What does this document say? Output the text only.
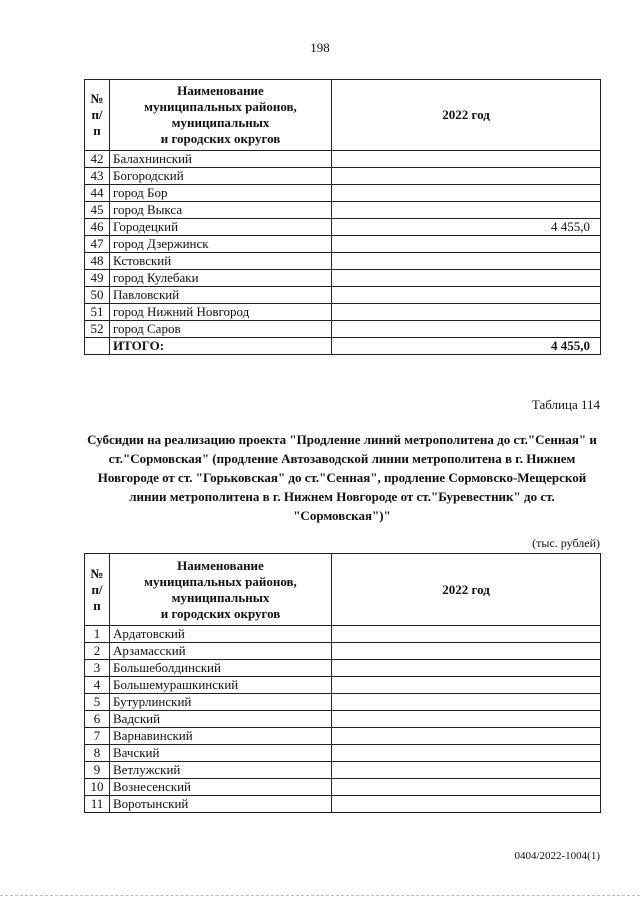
198
№
п/п	Наименование
муниципальных районов,
муниципальных
и городских округов	2022 год
42	Балахнинский	
43	Богородский	
44	город Бор	
45	город Выкса	
46	Городецкий	4 455,0
47	город Дзержинск	
48	Кстовский	
49	город Кулебаки	
50	Павловский	
51	город Нижний Новгород	
52	город Саров	
	ИТОГО:	4 455,0
Таблица 114
Субсидии на реализацию проекта "Продление линий метрополитена до ст."Сенная" и ст."Сормовская" (продление Автозаводской линии метрополитена в г. Нижнем Новгороде от ст. "Горьковская" до ст."Сенная", продление Сормовско-Мещерской линии метрополитена в г. Нижнем Новгороде от ст."Буревестник" до ст. "Сормовская")"
(тыс. рублей)
№
п/п	Наименование
муниципальных районов,
муниципальных
и городских округов	2022 год
1	Ардатовский	
2	Арзамасский	
3	Большеболдинский	
4	Большемурашкинский	
5	Бутурлинский	
6	Вадский	
7	Варнавинский	
8	Вачский	
9	Ветлужский	
10	Вознесенский	
11	Воротынский	
0404/2022-1004(1)
